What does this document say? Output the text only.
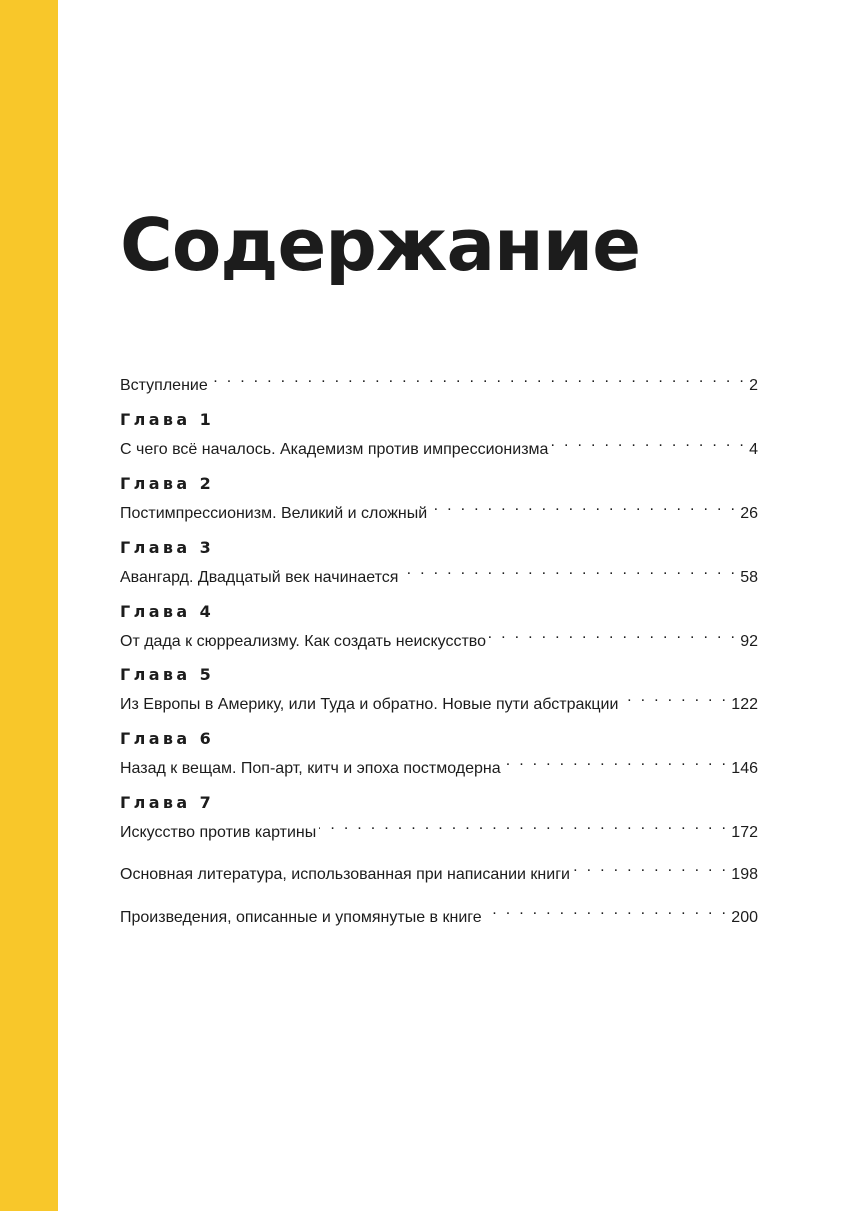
Содержание
Вступление . . .	2
Глава 1
С чего всё началось. Академизм против импрессионизма . . .	4
Глава 2
Постимпрессионизм. Великий и сложный . . .	26
Глава 3
Авангард. Двадцатый век начинается . . .	58
Глава 4
От дада к сюрреализму. Как создать неискусство . . .	92
Глава 5
Из Европы в Америку, или Туда и обратно. Новые пути абстракции . . .	122
Глава 6
Назад к вещам. Поп-арт, китч и эпоха постмодерна . . .	146
Глава 7
Искусство против картины . . .	172
Основная литература, использованная при написании книги . . .	198
Произведения, описанные и упомянутые в книге . . .	200
